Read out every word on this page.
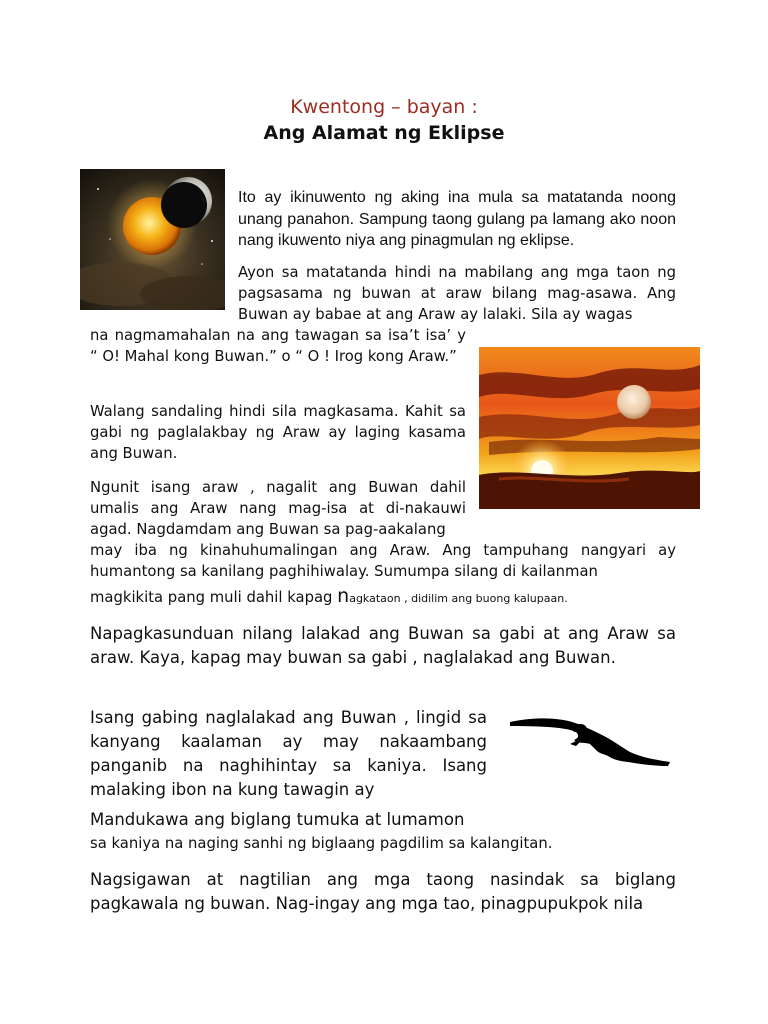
Kwentong – bayan :
Ang Alamat ng Eklipse
Ito ay ikinuwento ng aking ina mula sa matatanda noong unang panahon. Sampung taong gulang pa lamang ako noon nang ikuwento niya ang pinagmulan ng eklipse.
Ayon sa matatanda hindi na mabilang ang mga taon ng pagsasama ng buwan at araw bilang mag-asawa. Ang Buwan ay babae at ang Araw ay lalaki. Sila ay wagas
na nagmamahalan na ang tawagan sa isa’t isa’ y “ O! Mahal kong Buwan.” o “ O ! Irog kong Araw.”
Walang sandaling hindi sila magkasama. Kahit sa gabi ng paglalakbay ng Araw ay laging kasama ang Buwan.
Ngunit isang araw , nagalit ang Buwan dahil umalis ang Araw nang mag-isa at di-nakauwi agad. Nagdamdam ang Buwan sa pag-aakalang
may iba ng kinahuhumalingan ang Araw. Ang tampuhang nangyari ay humantong sa kanilang paghihiwalay. Sumumpa silang di kailanman
magkikita pang muli dahil kapag nagkataon , didilim ang buong kalupaan.
Napagkasunduan nilang lalakad ang Buwan sa gabi at ang Araw sa araw. Kaya, kapag may buwan sa gabi , naglalakad ang Buwan.
Isang gabing naglalakad ang Buwan , lingid sa kanyang kaalaman ay may nakaambang panganib na naghihintay sa kaniya. Isang malaking ibon na kung tawagin ay
Mandukawa ang biglang tumuka at lumamon
sa kaniya na naging sanhi ng biglaang pagdilim sa kalangitan.
Nagsigawan at nagtilian ang mga taong nasindak sa biglang pagkawala ng buwan. Nag-ingay ang mga tao, pinagpupukpok nila
